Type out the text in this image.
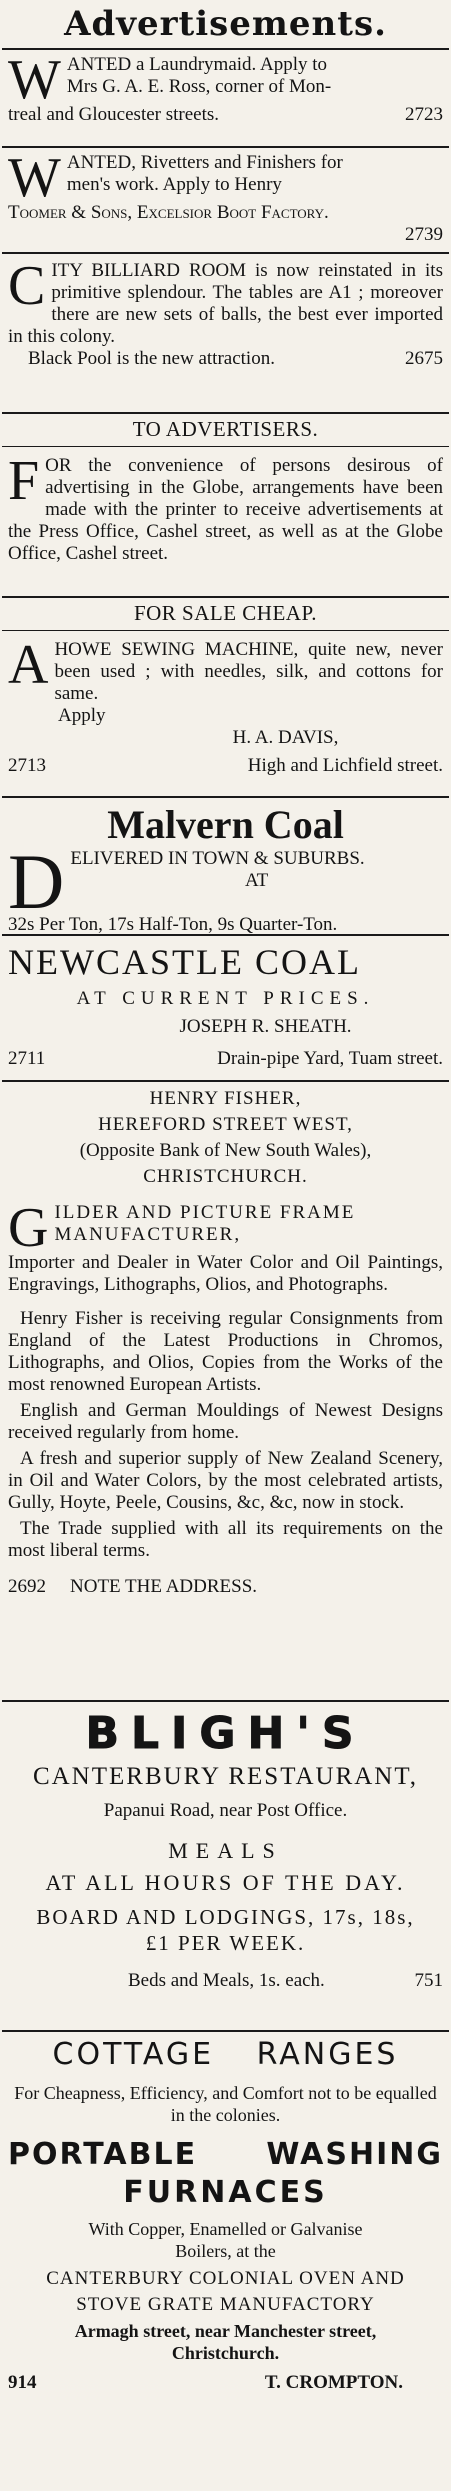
Advertisements.
W ANTED a Laundrymaid. Apply to
Mrs G. A. E. Ross, corner of Mon-
treal and Gloucester streets.	2723
W ANTED, Rivetters and Finishers for
men's work. Apply to Henry
Toomer & Sons, Excelsior Boot Factory.
2739
C ITY BILLIARD ROOM is now reinstated in its primitive splendour. The tables are A1 ; moreover there are new sets of balls, the best ever imported in this colony.
Black Pool is the new attraction.	2675
TO ADVERTISERS.
F OR the convenience of persons desirous of advertising in the Globe, arrangements have been made with the printer to receive advertisements at the Press Office, Cashel street, as well as at the Globe Office, Cashel street.
FOR SALE CHEAP.
A HOWE SEWING MACHINE, quite new, never been used ; with needles, silk, and cottons for same.
Apply
H. A. DAVIS,
2713	High and Lichfield street.
Malvern Coal
D ELIVERED IN TOWN & SUBURBS.
AT
32s Per Ton, 17s Half-Ton, 9s Quarter-Ton.
NEWCASTLE COAL
AT CURRENT PRICES.
JOSEPH R. SHEATH.
2711	Drain-pipe Yard, Tuam street.
HENRY FISHER,
HEREFORD STREET WEST,
(Opposite Bank of New South Wales),
CHRISTCHURCH.
G ILDER AND PICTURE FRAME
MANUFACTURER,
Importer and Dealer in Water Color and Oil Paintings, Engravings, Lithographs, Olios, and Photographs.
Henry Fisher is receiving regular Consignments from England of the Latest Productions in Chromos, Lithographs, and Olios, Copies from the Works of the most renowned European Artists.
English and German Mouldings of Newest Designs received regularly from home.
A fresh and superior supply of New Zealand Scenery, in Oil and Water Colors, by the most celebrated artists, Gully, Hoyte, Peele, Cousins, &c, &c, now in stock.
The Trade supplied with all its requirements on the most liberal terms.
2692 NOTE THE ADDRESS.
BLIGH'S
CANTERBURY RESTAURANT,
Papanui Road, near Post Office.
MEALS
AT ALL HOURS OF THE DAY.
BOARD AND LODGINGS, 17s, 18s,
£1 PER WEEK.
Beds and Meals, 1s. each.	751
COTTAGE RANGES
For Cheapness, Efficiency, and Comfort not to be equalled in the colonies.
PORTABLE WASHING
FURNACES
With Copper, Enamelled or Galvanise Boilers, at the
CANTERBURY COLONIAL OVEN AND
STOVE GRATE MANUFACTORY
Armagh street, near Manchester street,
Christchurch.
914	T. CROMPTON.
